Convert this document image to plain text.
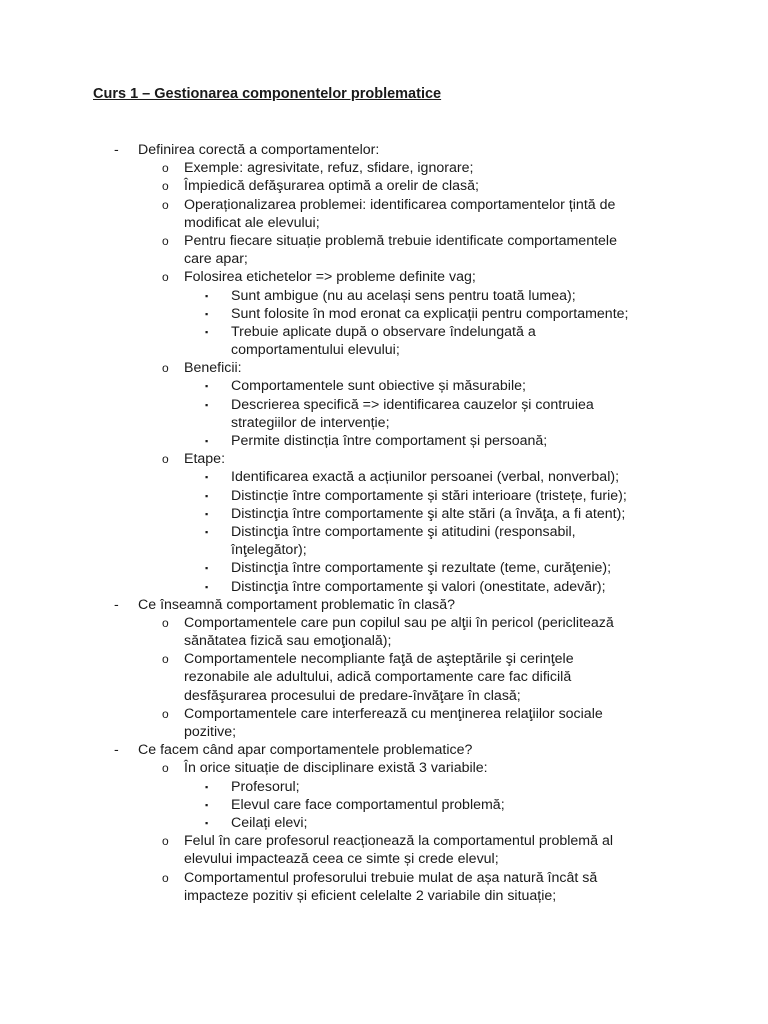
Curs 1 – Gestionarea componentelor problematice
- Definirea corectă a comportamentelor:
o Exemple: agresivitate, refuz, sfidare, ignorare;
o Împiedică defăşurarea optimă a orelir de clasă;
o Operaționalizarea problemei: identificarea comportamentelor țintă de
modificat ale elevului;
o Pentru fiecare situație problemă trebuie identificate comportamentele
care apar;
o Folosirea etichetelor => probleme definite vag;
▪ Sunt ambigue (nu au același sens pentru toată lumea);
▪ Sunt folosite în mod eronat ca explicații pentru comportamente;
▪ Trebuie aplicate după o observare îndelungată a
comportamentului elevului;
o Beneficii:
▪ Comportamentele sunt obiective și măsurabile;
▪ Descrierea specifică => identificarea cauzelor și contruiea
strategiilor de intervenție;
▪ Permite distincția între comportament și persoană;
o Etape:
▪ Identificarea exactă a acțiunilor persoanei (verbal, nonverbal);
▪ Distincție între comportamente și stări interioare (tristețe, furie);
▪ Distincţia între comportamente şi alte stări (a învăţa, a fi atent);
▪ Distincţia între comportamente şi atitudini (responsabil,
înţelegător);
▪ Distincţia între comportamente şi rezultate (teme, curăţenie);
▪ Distincţia între comportamente şi valori (onestitate, adevăr);
- Ce înseamnă comportament problematic în clasă?
o Comportamentele care pun copilul sau pe alţii în pericol (periclitează
sănătatea fizică sau emoţională);
o Comportamentele necompliante faţă de aşteptările şi cerinţele
rezonabile ale adultului, adică comportamente care fac dificilă
desfăşurarea procesului de predare-învăţare în clasă;
o Comportamentele care interferează cu menţinerea relaţiilor sociale
pozitive;
- Ce facem când apar comportamentele problematice?
o În orice situație de disciplinare există 3 variabile:
▪ Profesorul;
▪ Elevul care face comportamentul problemă;
▪ Ceilați elevi;
o Felul în care profesorul reacționează la comportamentul problemă al
elevului impactează ceea ce simte și crede elevul;
o Comportamentul profesorului trebuie mulat de așa natură încât să
impacteze pozitiv și eficient celelalte 2 variabile din situație;
